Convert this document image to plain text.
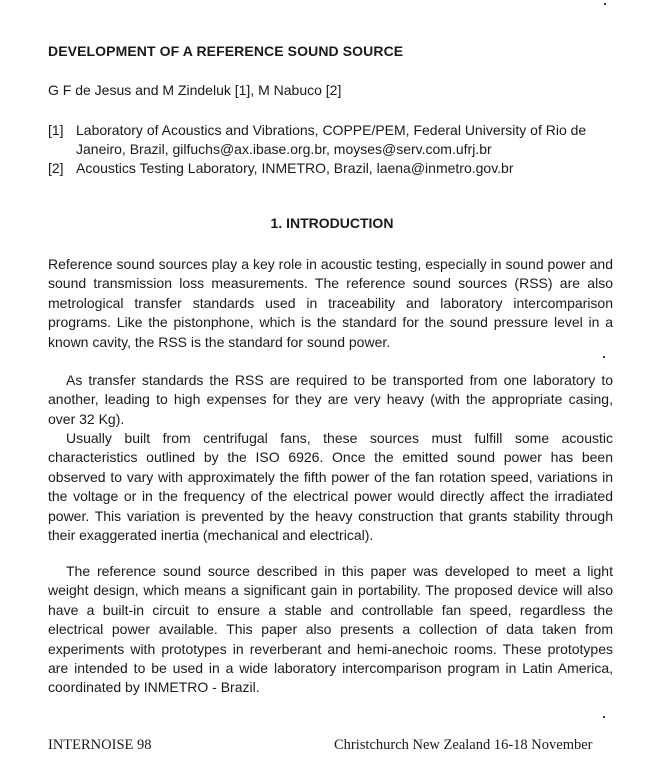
DEVELOPMENT OF A REFERENCE SOUND SOURCE
G F de Jesus and M Zindeluk [1], M Nabuco [2]
[1] Laboratory of Acoustics and Vibrations, COPPE/PEM, Federal University of Rio de Janeiro, Brazil, gilfuchs@ax.ibase.org.br, moyses@serv.com.ufrj.br
[2] Acoustics Testing Laboratory, INMETRO, Brazil, laena@inmetro.gov.br
1. INTRODUCTION

Reference sound sources play a key role in acoustic testing, especially in sound power and sound transmission loss measurements. The reference sound sources (RSS) are also metrological transfer standards used in traceability and laboratory intercomparison programs. Like the pistonphone, which is the standard for the sound pressure level in a known cavity, the RSS is the standard for sound power.

As transfer standards the RSS are required to be transported from one laboratory to another, leading to high expenses for they are very heavy (with the appropriate casing, over 32 Kg).

Usually built from centrifugal fans, these sources must fulfill some acoustic characteristics outlined by the ISO 6926. Once the emitted sound power has been observed to vary with approximately the fifth power of the fan rotation speed, variations in the voltage or in the frequency of the electrical power would directly affect the irradiated power. This variation is prevented by the heavy construction that grants stability through their exaggerated inertia (mechanical and electrical).

The reference sound source described in this paper was developed to meet a light weight design, which means a significant gain in portability. The proposed device will also have a built-in circuit to ensure a stable and controllable fan speed, regardless the electrical power available. This paper also presents a collection of data taken from experiments with prototypes in reverberant and hemi-anechoic rooms. These prototypes are intended to be used in a wide laboratory intercomparison program in Latin America, coordinated by INMETRO - Brazil.

INTERNOISE 98	Christchurch New Zealand 16-18 November
